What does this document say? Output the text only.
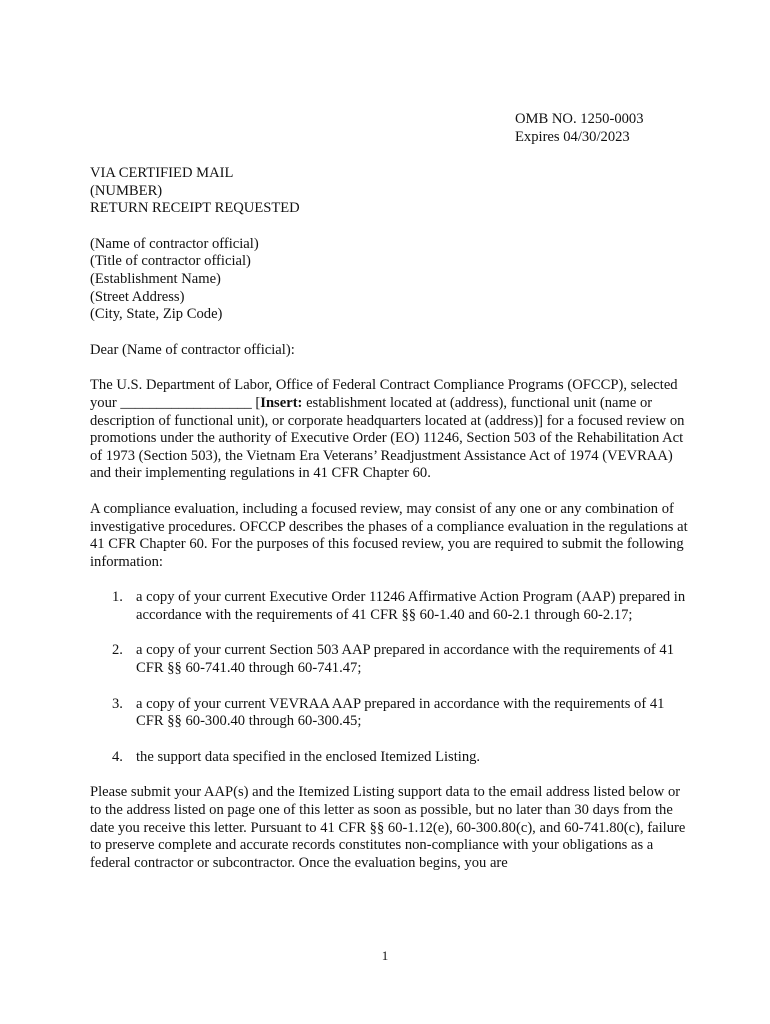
OMB NO. 1250-0003
Expires 04/30/2023
VIA CERTIFIED MAIL
(NUMBER)
RETURN RECEIPT REQUESTED
(Name of contractor official)
(Title of contractor official)
(Establishment Name)
(Street Address)
(City, State, Zip Code)

Dear (Name of contractor official):

The U.S. Department of Labor, Office of Federal Contract Compliance Programs (OFCCP), selected your __________________ [Insert: establishment located at (address), functional unit (name or description of functional unit), or corporate headquarters located at (address)] for a focused review on promotions under the authority of Executive Order (EO) 11246, Section 503 of the Rehabilitation Act of 1973 (Section 503), the Vietnam Era Veterans’ Readjustment Assistance Act of 1974 (VEVRAA) and their implementing regulations in 41 CFR Chapter 60.

A compliance evaluation, including a focused review, may consist of any one or any combination of investigative procedures. OFCCP describes the phases of a compliance evaluation in the regulations at 41 CFR Chapter 60. For the purposes of this focused review, you are required to submit the following information:

1. a copy of your current Executive Order 11246 Affirmative Action Program (AAP) prepared in accordance with the requirements of 41 CFR §§ 60-1.40 and 60-2.1 through 60-2.17;
2. a copy of your current Section 503 AAP prepared in accordance with the requirements of 41 CFR §§ 60-741.40 through 60-741.47;
3. a copy of your current VEVRAA AAP prepared in accordance with the requirements of 41 CFR §§ 60-300.40 through 60-300.45;
4. the support data specified in the enclosed Itemized Listing.

Please submit your AAP(s) and the Itemized Listing support data to the email address listed below or to the address listed on page one of this letter as soon as possible, but no later than 30 days from the date you receive this letter. Pursuant to 41 CFR §§ 60-1.12(e), 60-300.80(c), and 60-741.80(c), failure to preserve complete and accurate records constitutes non-compliance with your obligations as a federal contractor or subcontractor. Once the evaluation begins, you are

1
